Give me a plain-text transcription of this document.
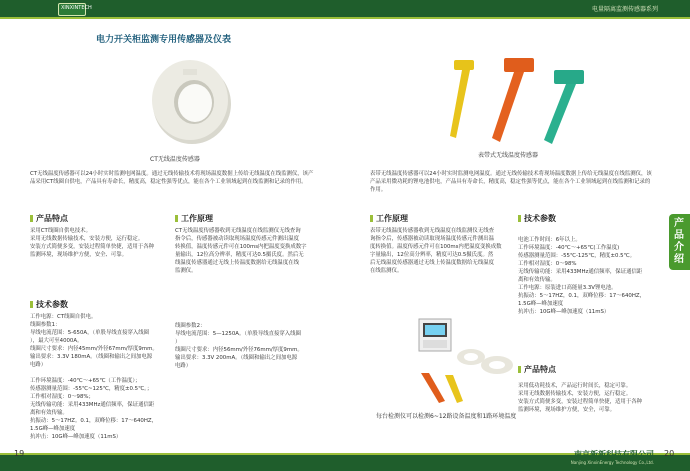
XINXINTECH	电量隔离监测传感器系列
电力开关柜监测专用传感器及仪表
CT无线温度传感器
表带式无线温度传感器
CT无线温度传感器可以24小时实时监测电网温度。通过无线传输技术将现场温度数据上传给无线温度在线监测仪，该产品采用CT线圈自供电，产品具有寿命长，精度高，稳定性强等优点，能在各个工业领域起到在线监测和记录的作用。
表带无线温度传感器可以24小时实时监测电网温度。通过无线传输技术将现场温度数据上传给无线温度在线监测仪，该产品采用微功耗的锂电池供电，产品具有寿命长，精度高，稳定性强等优点，能在各个工业领域起到在线监测和记录的作用。
产品特点
采用CT线圈自供电技术。
采用无线数据传输技术，安装方便，运行稳定。
安装方式简便多变，安装过程简单快捷，适用于各种
监测环境，现场维护方便，安全、可靠。
工作原理
CT无线温度传感器收到无线温度在线监测仪无线查询
指令后，传感器被动读取现场温度传感元件测出温度
转换值，温度传感元件可在100ms内把温度变换成数字
量输出，12位高分辨率，精度可达0.5摄氏度。然后无
线温度传感器通过无线上传温度数据给无线温度在线
监测仪。
技术参数
工作电源：CT线圈自供电。
线圈参数1：
导线电流范围：5-650A，（单股导线直接穿入线圈
），最大可至4000A。
线圈尺寸要求：内径45mm/外径67mm/厚度9mm。
输出要求：3.3V 180mA。（线圈和输出之间加电源
电路）

工作环境温度：-40℃～+65℃（工作温度）；
传感器测量范围：-55℃~125℃，精度±0.5℃。；
工作相对湿度：0～98%；
无线传输功能：采用433MHz通信频率，保证通信距
离和有效传输。
抗振动：5～17HZ。0.1，双峰位移：17～640HZ，
1.5G峰—峰加速度
抗冲击：10G峰—峰加速度（11mS）
线圈参数2：
导线电流范围：5—1250A。（单股导线直接穿入线圈
）
线圈尺寸要求：内径56mm/外径76mm/厚度9mm。
输出要求：3.3V 200mA。（线圈和输出之间加电源
电路）
工作原理
表带无线温度传感器收到无线温度在线监测仪无线查
询指令后，传感器被动读取现场温度传感元件测出温
度转换值。温度传感元件可在100ms内把温度变换成数
字量输出，12位高分辨率，精度可达0.5摄氏度。然
后无线温度传感器通过无线上传温度数据给无线温度
在线监测仪。
技术参数
电池工作时间：6年以上。
工作环境温度：-40℃～+65℃(工作温度)
传感器测量范围：-55℃-125℃，精度±0.5℃。
工作相对湿度：0～98%
无线传输功能：采用433MHz通信频率，保证通信距
离和有效传输。
工作电源：原装进口高能量3.3V锂电池。
抗振动：5～17HZ，0.1，双峰位移：17～640HZ，
1.5G峰—峰加速度
抗冲击：10G峰—峰加速度（11mS）
每台检测仪可以检测6~12路设备温度和1路环境温度
产品特点
采用低功耗技术，产品运行时间长，稳定可靠。
采用无线数据传输技术，安装方便，运行稳定。
安装方式简便多变，安装过程简单快捷，适用于各种
监测环境，现场维护方便，安全，可靠。
产品介绍
19	20
南京新新科技有限公司
Nanjing XinxinEnergy Technology Co.,Ltd.
